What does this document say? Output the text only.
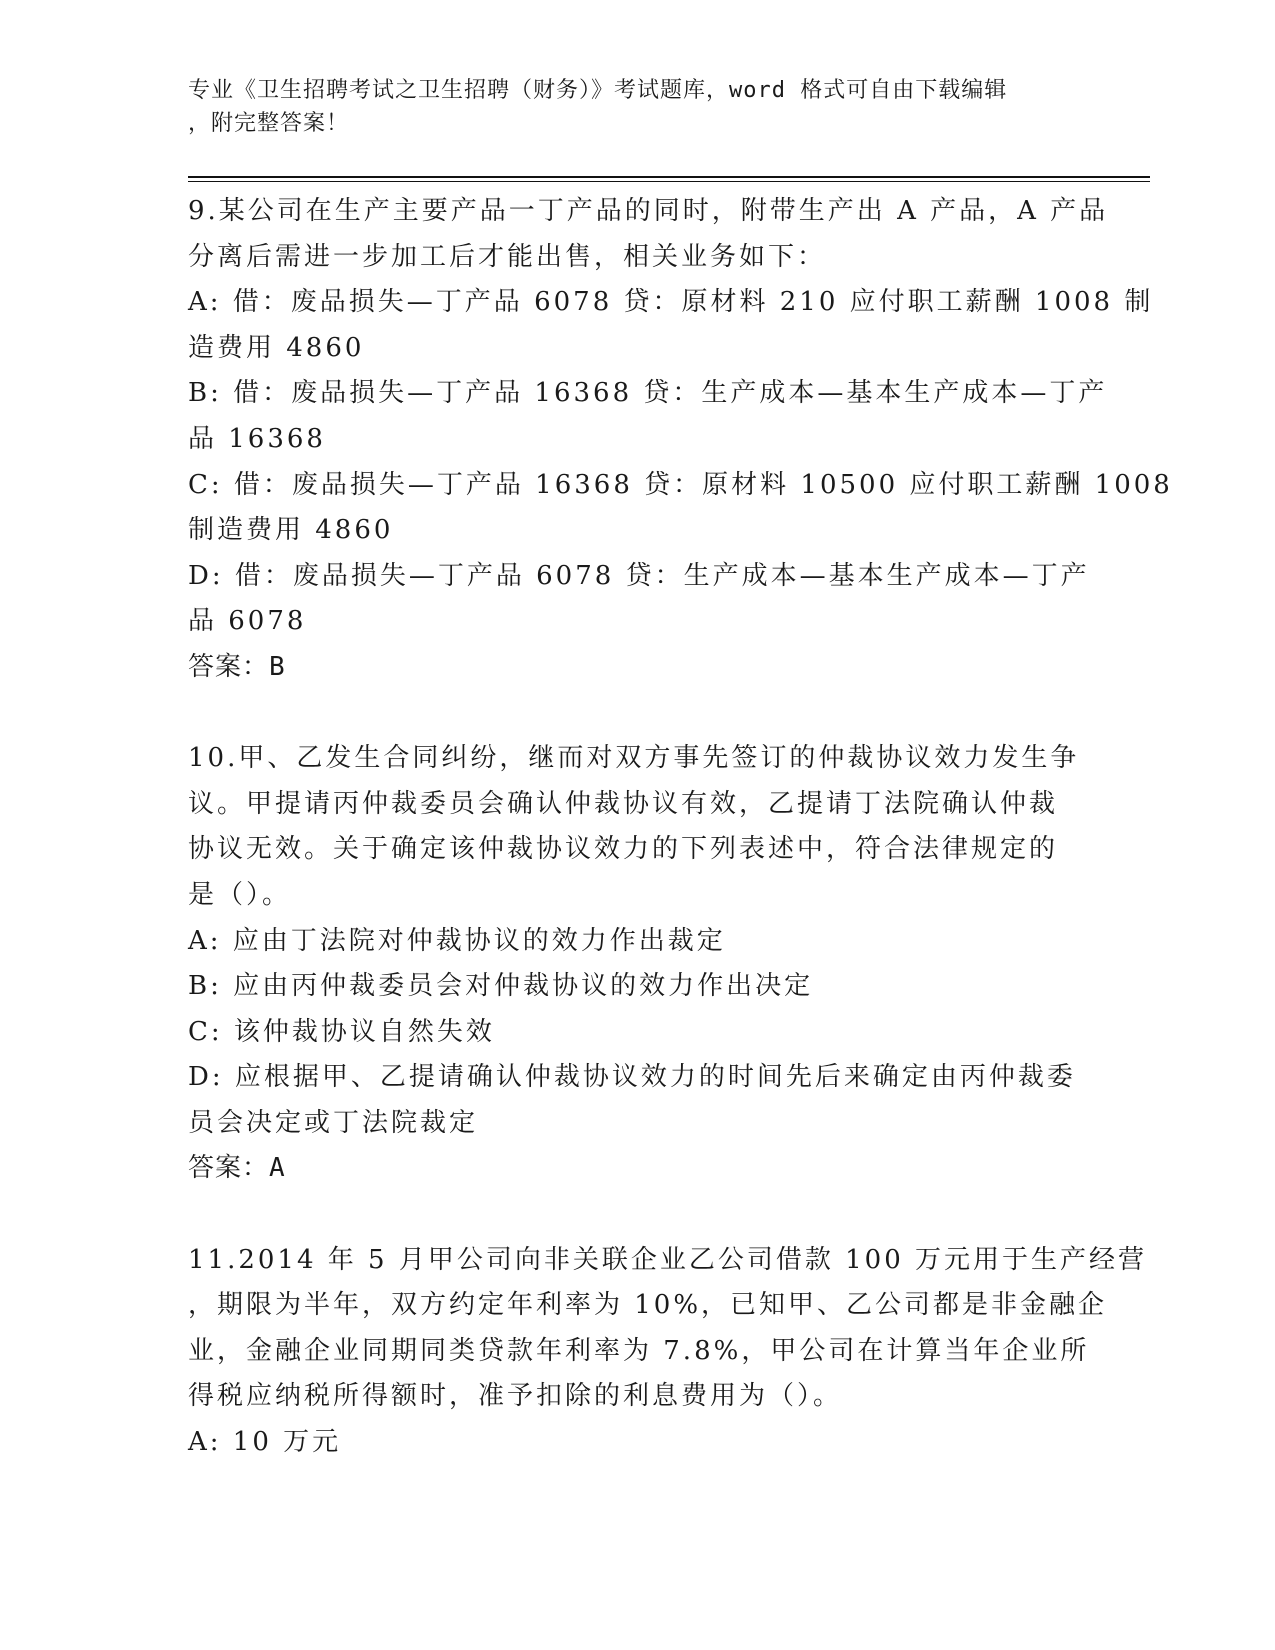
专业《卫生招聘考试之卫生招聘（财务）》考试题库，word 格式可自由下载编辑
，附完整答案！
9.某公司在生产主要产品一丁产品的同时，附带生产出 A 产品，A 产品
分离后需进一步加工后才能出售，相关业务如下：
A: 借：废品损失—丁产品 6078 贷：原材料 210 应付职工薪酬 1008 制
造费用 4860
B: 借：废品损失—丁产品 16368 贷：生产成本—基本生产成本—丁产
品 16368
C: 借：废品损失—丁产品 16368 贷：原材料 10500 应付职工薪酬 1008
制造费用 4860
D: 借：废品损失—丁产品 6078 贷：生产成本—基本生产成本—丁产
品 6078
答案：B
10.甲、乙发生合同纠纷，继而对双方事先签订的仲裁协议效力发生争
议。甲提请丙仲裁委员会确认仲裁协议有效，乙提请丁法院确认仲裁
协议无效。关于确定该仲裁协议效力的下列表述中，符合法律规定的
是（）。
A: 应由丁法院对仲裁协议的效力作出裁定
B: 应由丙仲裁委员会对仲裁协议的效力作出决定
C: 该仲裁协议自然失效
D: 应根据甲、乙提请确认仲裁协议效力的时间先后来确定由丙仲裁委
员会决定或丁法院裁定
答案：A
11.2014 年 5 月甲公司向非关联企业乙公司借款 100 万元用于生产经营
，期限为半年，双方约定年利率为 10%，已知甲、乙公司都是非金融企
业，金融企业同期同类贷款年利率为 7.8%，甲公司在计算当年企业所
得税应纳税所得额时，准予扣除的利息费用为（）。
A: 10 万元
